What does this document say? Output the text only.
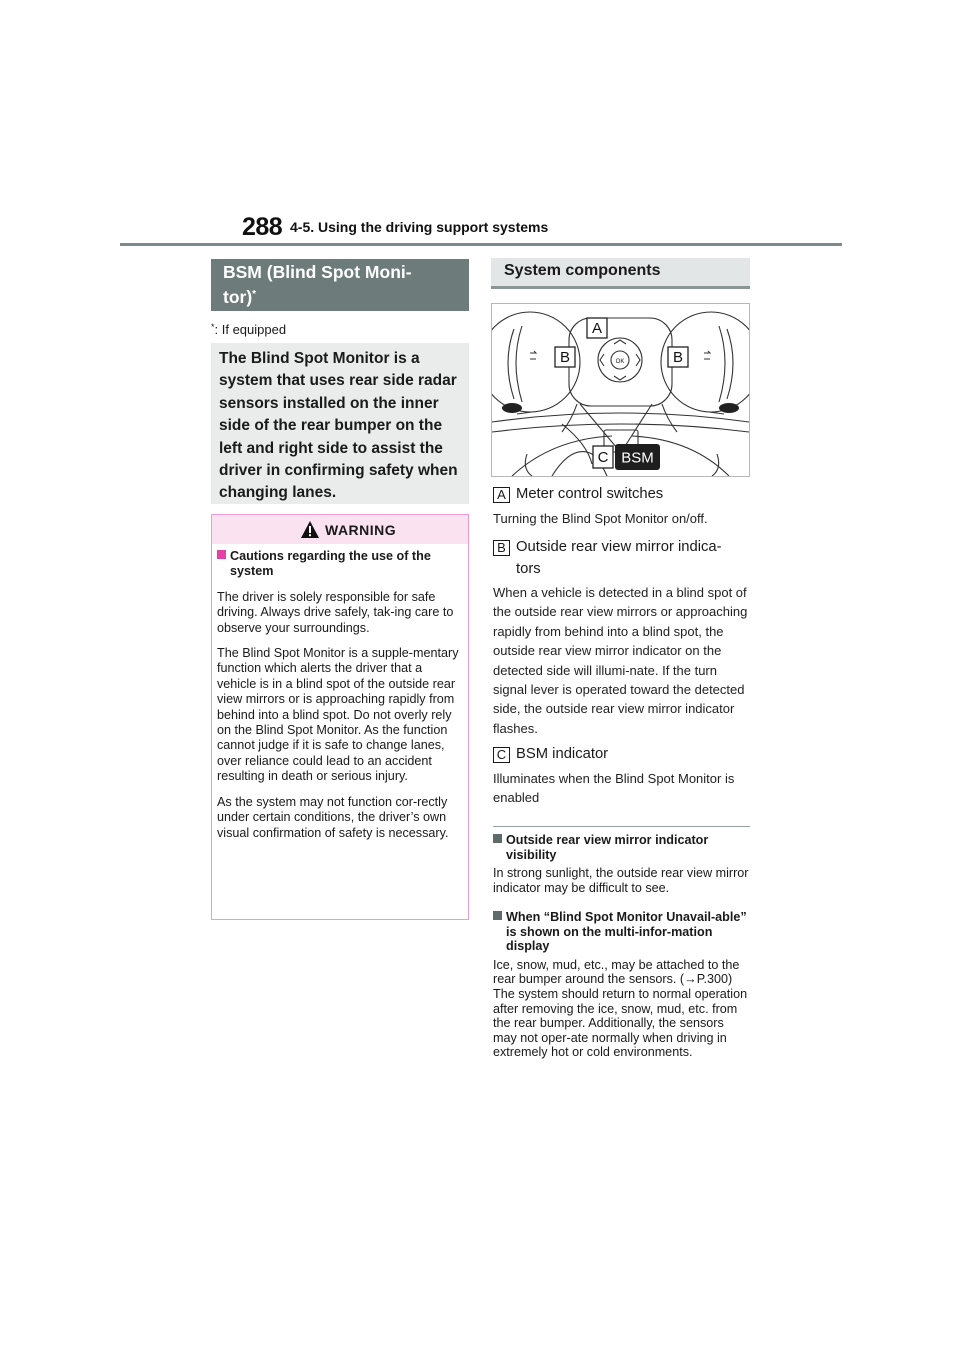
288 4-5. Using the driving support systems
BSM (Blind Spot Moni-
tor)*
*: If equipped
The Blind Spot Monitor is a system that uses rear side radar sensors installed on the inner side of the rear bumper on the left and right side to assist the driver in confirming safety when changing lanes.
WARNING

Cautions regarding the use of the system

The driver is solely responsible for safe driving. Always drive safely, tak-ing care to observe your surroundings.

The Blind Spot Monitor is a supple-mentary function which alerts the driver that a vehicle is in a blind spot of the outside rear view mirrors or is approaching rapidly from behind into a blind spot. Do not overly rely on the Blind Spot Monitor. As the function cannot judge if it is safe to change lanes, over reliance could lead to an accident resulting in death or serious injury.

As the system may not function cor-rectly under certain conditions, the driver’s own visual confirmation of safety is necessary.

System components
A
B	B
OK
C BSM
A Meter control switches
Turning the Blind Spot Monitor on/off.
B Outside rear view mirror indica-
tors
When a vehicle is detected in a blind spot of the outside rear view mirrors or approaching rapidly from behind into a blind spot, the outside rear view mirror indicator on the detected side will illumi-nate. If the turn signal lever is operated toward the detected side, the outside rear view mirror indicator flashes.
C BSM indicator
Illuminates when the Blind Spot Monitor is enabled

Outside rear view mirror indicator visibility

In strong sunlight, the outside rear view mirror indicator may be difficult to see.

When “Blind Spot Monitor Unavail-able” is shown on the multi-infor-mation display

Ice, snow, mud, etc., may be attached to the rear bumper around the sensors. (→P.300) The system should return to normal operation after removing the ice, snow, mud, etc. from the rear bumper. Additionally, the sensors may not oper-ate normally when driving in extremely hot or cold environments.
